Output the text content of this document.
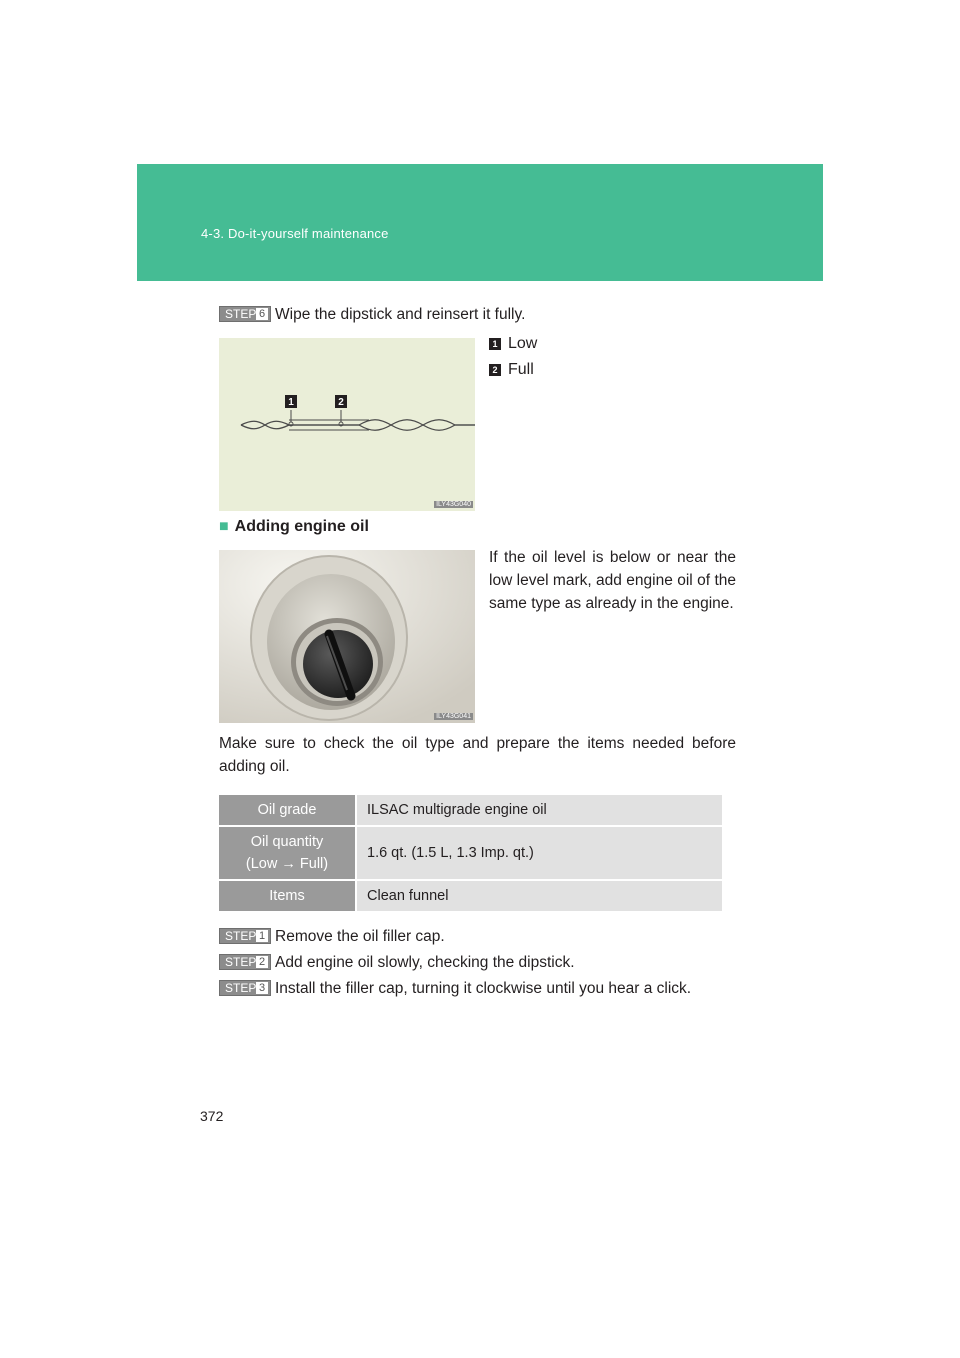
4-3. Do-it-yourself maintenance
STEP 6 Wipe the dipstick and reinsert it fully.
1	2
ILY43G040
1 Low
2 Full
■ Adding engine oil
ILY43G041
If the oil level is below or near the low level mark, add engine oil of the same type as already in the engine.
Make sure to check the oil type and prepare the items needed before adding oil.
Oil grade	ILSAC multigrade engine oil

Oil quantity
(Low → Full)	1.6 qt. (1.5 L, 1.3 Imp. qt.)
Items	Clean funnel
STEP 1 Remove the oil filler cap.
STEP 2 Add engine oil slowly, checking the dipstick.
STEP 3 Install the filler cap, turning it clockwise until you hear a click.
372
